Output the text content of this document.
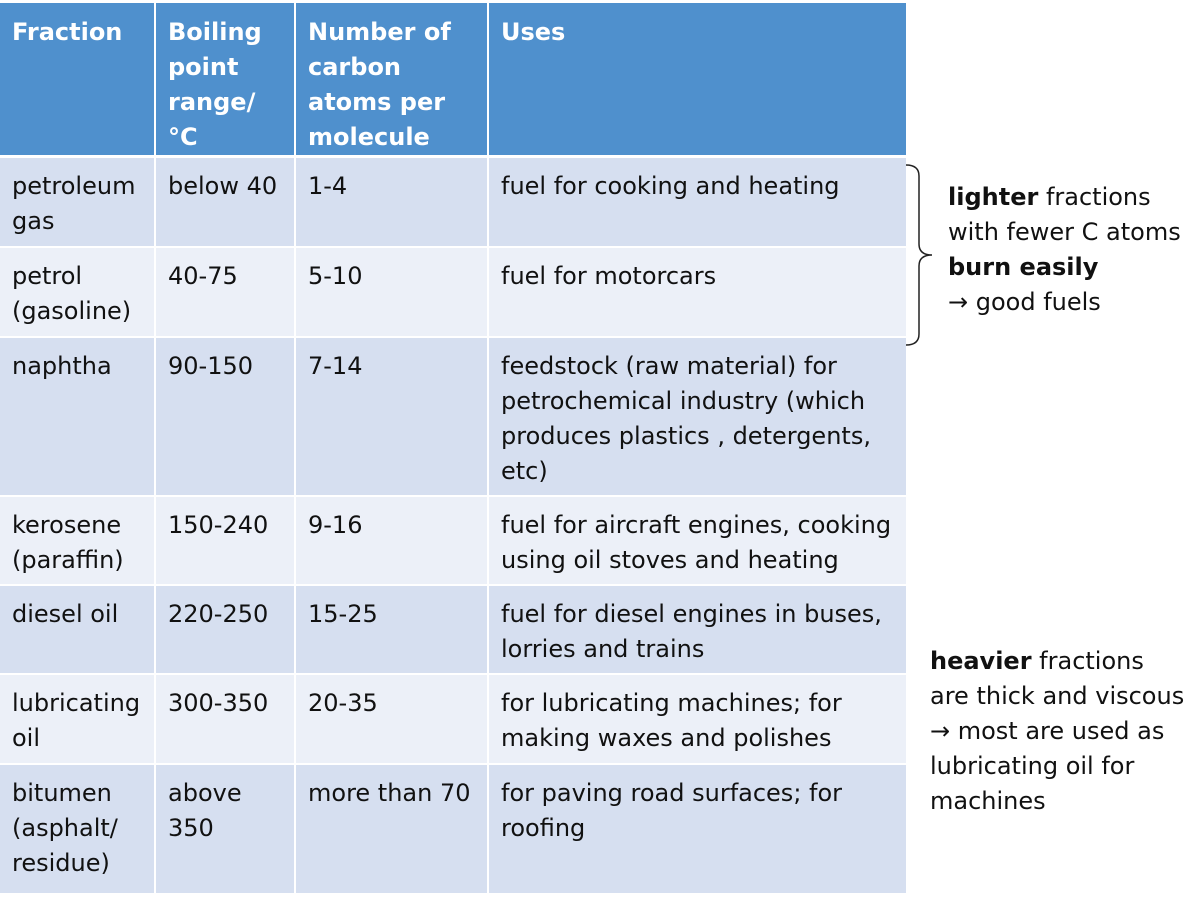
Fraction	Boiling point range/°C	Number of carbon atoms per molecule	Uses
petroleum gas	below 40	1-4	fuel for cooking and heating
petrol (gasoline)	40-75	5-10	fuel for motorcars
naphtha	90-150	7-14	feedstock (raw material) for petrochemical industry (which produces plastics , detergents, etc)
kerosene (paraffin)	150-240	9-16	fuel for aircraft engines, cooking using oil stoves and heating
diesel oil	220-250	15-25	fuel for diesel engines in buses, lorries and trains
lubricating oil	300-350	20-35	for lubricating machines; for making waxes and polishes
bitumen (asphalt/ residue)	above 350	more than 70	for paving road surfaces; for roofing
lighter fractions with fewer C atoms burn easily
→ good fuels
heavier fractions are thick and viscous → most are used as lubricating oil for machines
